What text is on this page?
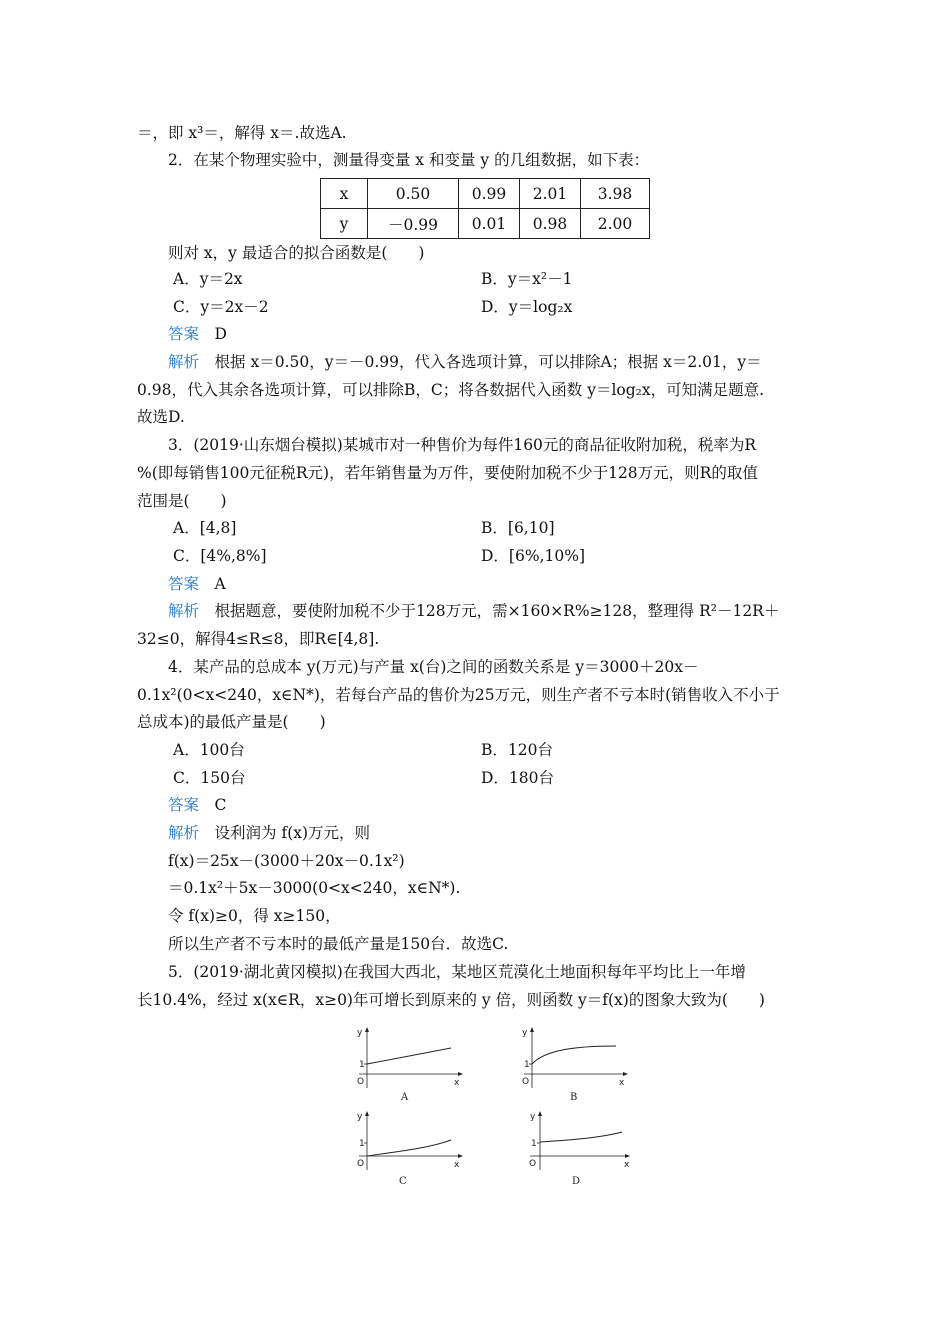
＝，即 x³＝，解得 x＝.故选A.
2．在某个物理实验中，测量得变量 x 和变量 y 的几组数据，如下表：
x	0.50	0.99	2.01	3.98
y	－0.99	0.01	0.98	2.00
则对 x，y 最适合的拟合函数是(　　)
A．y＝2x	B．y＝x²－1
C．y＝2x－2	D．y＝log₂x
答案　 D
解析　 根据 x＝0.50，y＝－0.99，代入各选项计算，可以排除A；根据 x＝2.01，y＝
0.98，代入其余各选项计算，可以排除B，C；将各数据代入函数 y＝log₂x，可知满足题意.
故选D.
3．(2019·山东烟台模拟)某城市对一种售价为每件160元的商品征收附加税，税率为R
%(即每销售100元征税R元)，若年销售量为万件，要使附加税不少于128万元，则R的取值
范围是(　　)
A．[4,8]	B．[6,10]
C．[4%,8%]	D．[6%,10%]
答案　 A
解析　 根据题意，要使附加税不少于128万元，需×160×R%≥128，整理得 R²－12R＋
32≤0，解得4≤R≤8，即R∈[4,8].
4．某产品的总成本 y(万元)与产量 x(台)之间的函数关系是 y＝3000＋20x－
0.1x²(0<x<240，x∈N*)，若每台产品的售价为25万元，则生产者不亏本时(销售收入不小于
总成本)的最低产量是(　　)
A．100台	B．120台
C．150台	D．180台
答案　 C
解析　 设利润为 f(x)万元，则
f(x)＝25x－(3000＋20x－0.1x²)
＝0.1x²＋5x－3000(0<x<240，x∈N*).
令 f(x)≥0，得 x≥150，
所以生产者不亏本时的最低产量是150台．故选C.
5．(2019·湖北黄冈模拟)在我国大西北，某地区荒漠化土地面积每年平均比上一年增
长10.4%，经过 x(x∈R，x≥0)年可增长到原来的 y 倍，则函数 y＝f(x)的图象大致为(　　)
y
x
O
1
A
y
x
O
1
B
y
x
O
1
C
y
x
O
1
D
